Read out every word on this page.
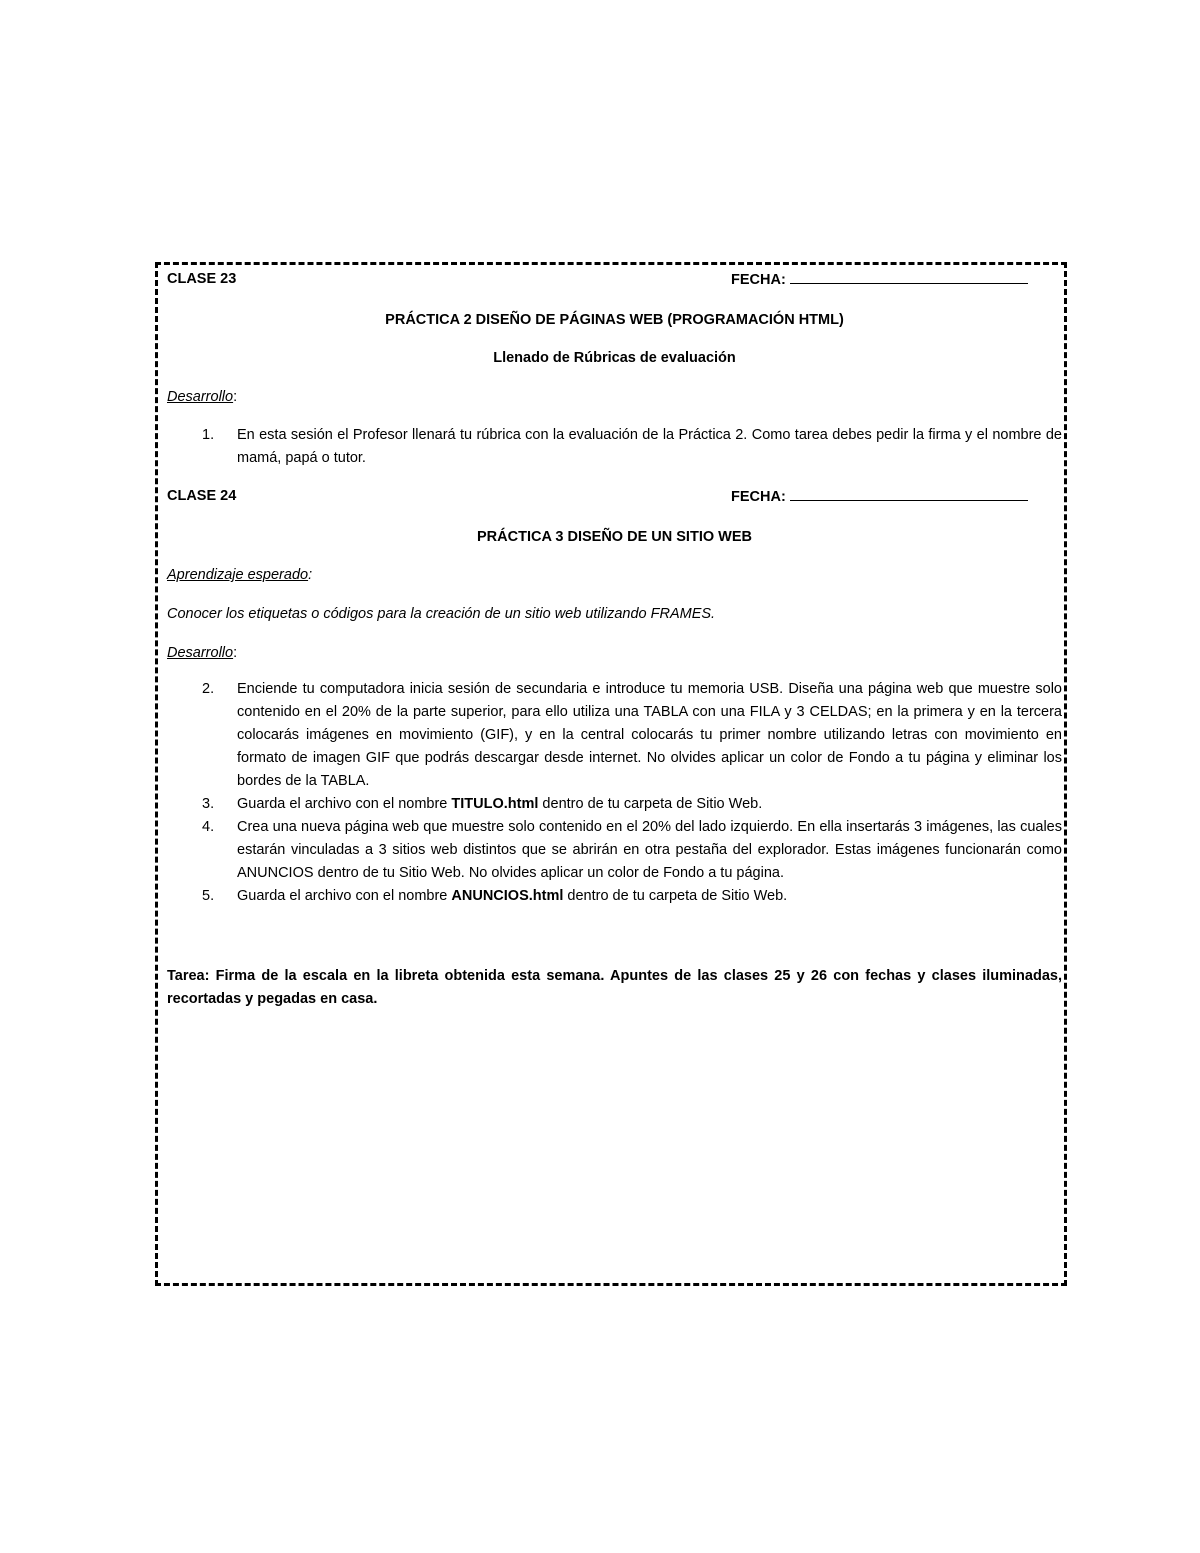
CLASE 23	FECHA:
PRÁCTICA 2 DISEÑO DE PÁGINAS WEB (PROGRAMACIÓN HTML)
Llenado de Rúbricas de evaluación
Desarrollo:
1. En esta sesión el Profesor llenará tu rúbrica con la evaluación de la Práctica 2. Como tarea debes pedir la firma y el nombre de mamá, papá o tutor.
CLASE 24	FECHA:
PRÁCTICA 3 DISEÑO DE UN SITIO WEB
Aprendizaje esperado:
Conocer los etiquetas o códigos para la creación de un sitio web utilizando FRAMES.
Desarrollo:
2. Enciende tu computadora inicia sesión de secundaria e introduce tu memoria USB. Diseña una página web que muestre solo contenido en el 20% de la parte superior, para ello utiliza una TABLA con una FILA y 3 CELDAS; en la primera y en la tercera colocarás imágenes en movimiento (GIF), y en la central colocarás tu primer nombre utilizando letras con movimiento en formato de imagen GIF que podrás descargar desde internet. No olvides aplicar un color de Fondo a tu página y eliminar los bordes de la TABLA.
3. Guarda el archivo con el nombre TITULO.html dentro de tu carpeta de Sitio Web.
4. Crea una nueva página web que muestre solo contenido en el 20% del lado izquierdo. En ella insertarás 3 imágenes, las cuales estarán vinculadas a 3 sitios web distintos que se abrirán en otra pestaña del explorador. Estas imágenes funcionarán como ANUNCIOS dentro de tu Sitio Web. No olvides aplicar un color de Fondo a tu página.
5. Guarda el archivo con el nombre ANUNCIOS.html dentro de tu carpeta de Sitio Web.
Tarea: Firma de la escala en la libreta obtenida esta semana. Apuntes de las clases 25 y 26 con fechas y clases iluminadas, recortadas y pegadas en casa.
